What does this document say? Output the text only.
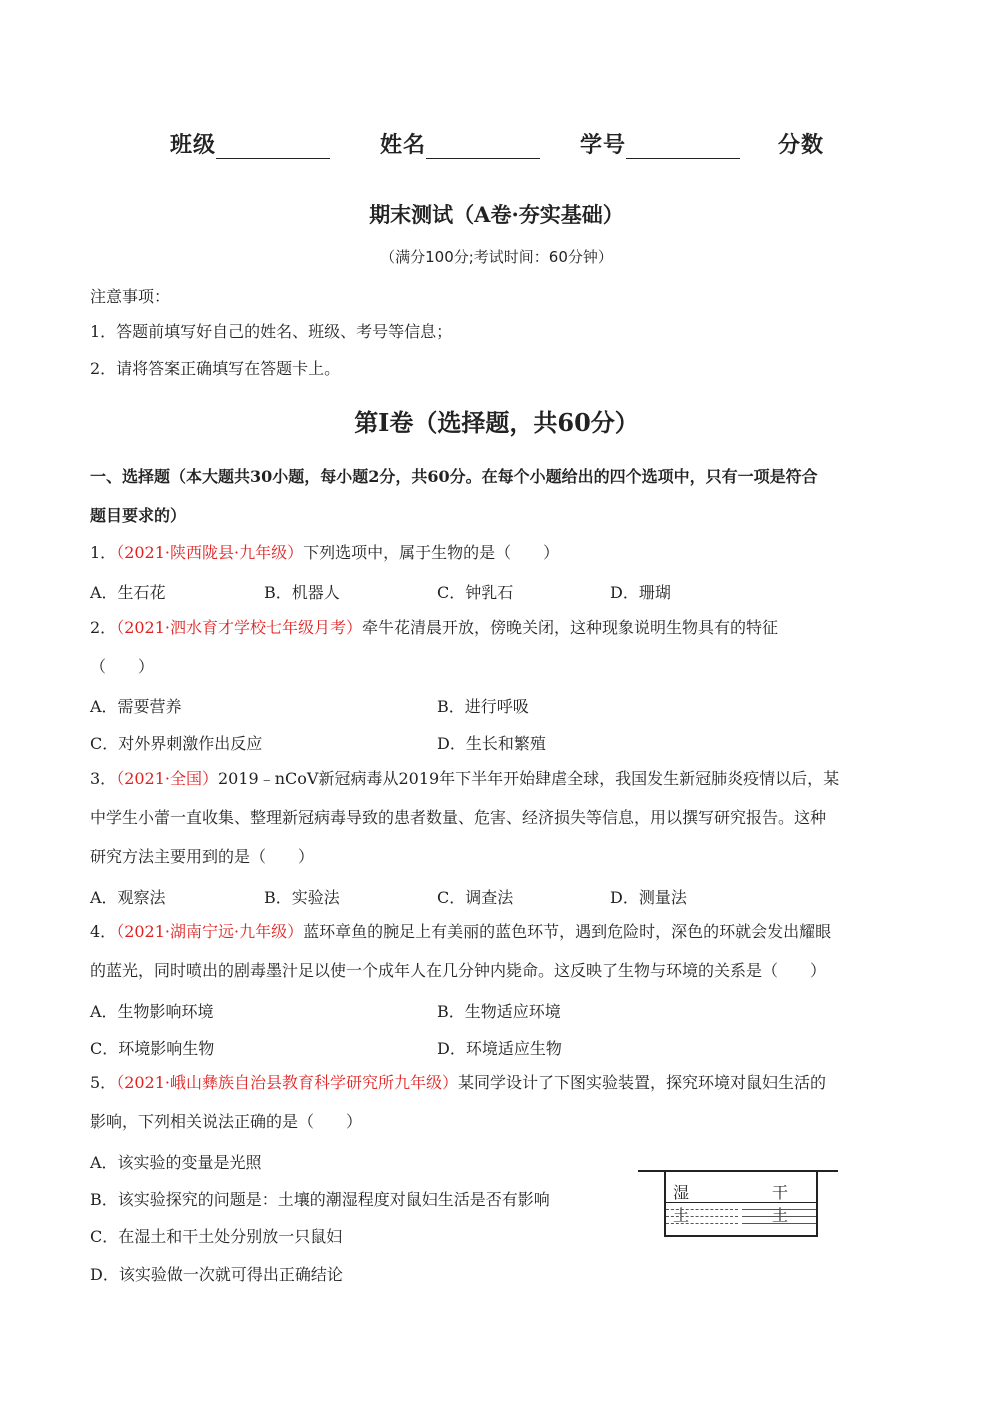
班级	姓名	学号	分数
期末测试（A卷·夯实基础）
（满分100分;考试时间：60分钟）
注意事项：
1．答题前填写好自己的姓名、班级、考号等信息；
2．请将答案正确填写在答题卡上。
第Ⅰ卷（选择题，共60分）
一、选择题（本大题共30小题，每小题2分，共60分。在每个小题给出的四个选项中，只有一项是符合
题目要求的）
1．（2021·陕西陇县·九年级）下列选项中，属于生物的是（　　）
A．生石花	B．机器人	C．钟乳石	D．珊瑚
2．（2021·泗水育才学校七年级月考）牵牛花清晨开放，傍晚关闭，这种现象说明生物具有的特征
（　　）
A．需要营养	B．进行呼吸
C．对外界刺激作出反应	D．生长和繁殖
3．（2021·全国）2019﹣nCoV新冠病毒从2019年下半年开始肆虐全球，我国发生新冠肺炎疫情以后，某
中学生小蕾一直收集、整理新冠病毒导致的患者数量、危害、经济损失等信息，用以撰写研究报告。这种
研究方法主要用到的是（　　）
A．观察法	B．实验法	C．调查法	D．测量法
4．（2021·湖南宁远·九年级）蓝环章鱼的腕足上有美丽的蓝色环节，遇到危险时，深色的环就会发出耀眼
的蓝光，同时喷出的剧毒墨汁足以使一个成年人在几分钟内毙命。这反映了生物与环境的关系是（　　）
A．生物影响环境	B．生物适应环境
C．环境影响生物	D．环境适应生物
5．（2021·峨山彝族自治县教育科学研究所九年级）某同学设计了下图实验装置，探究环境对鼠妇生活的
影响，下列相关说法正确的是（　　）
A．该实验的变量是光照
B．该实验探究的问题是：土壤的潮湿程度对鼠妇生活是否有影响
C．在湿土和干土处分别放一只鼠妇
D．该实验做一次就可得出正确结论
湿土
干土
